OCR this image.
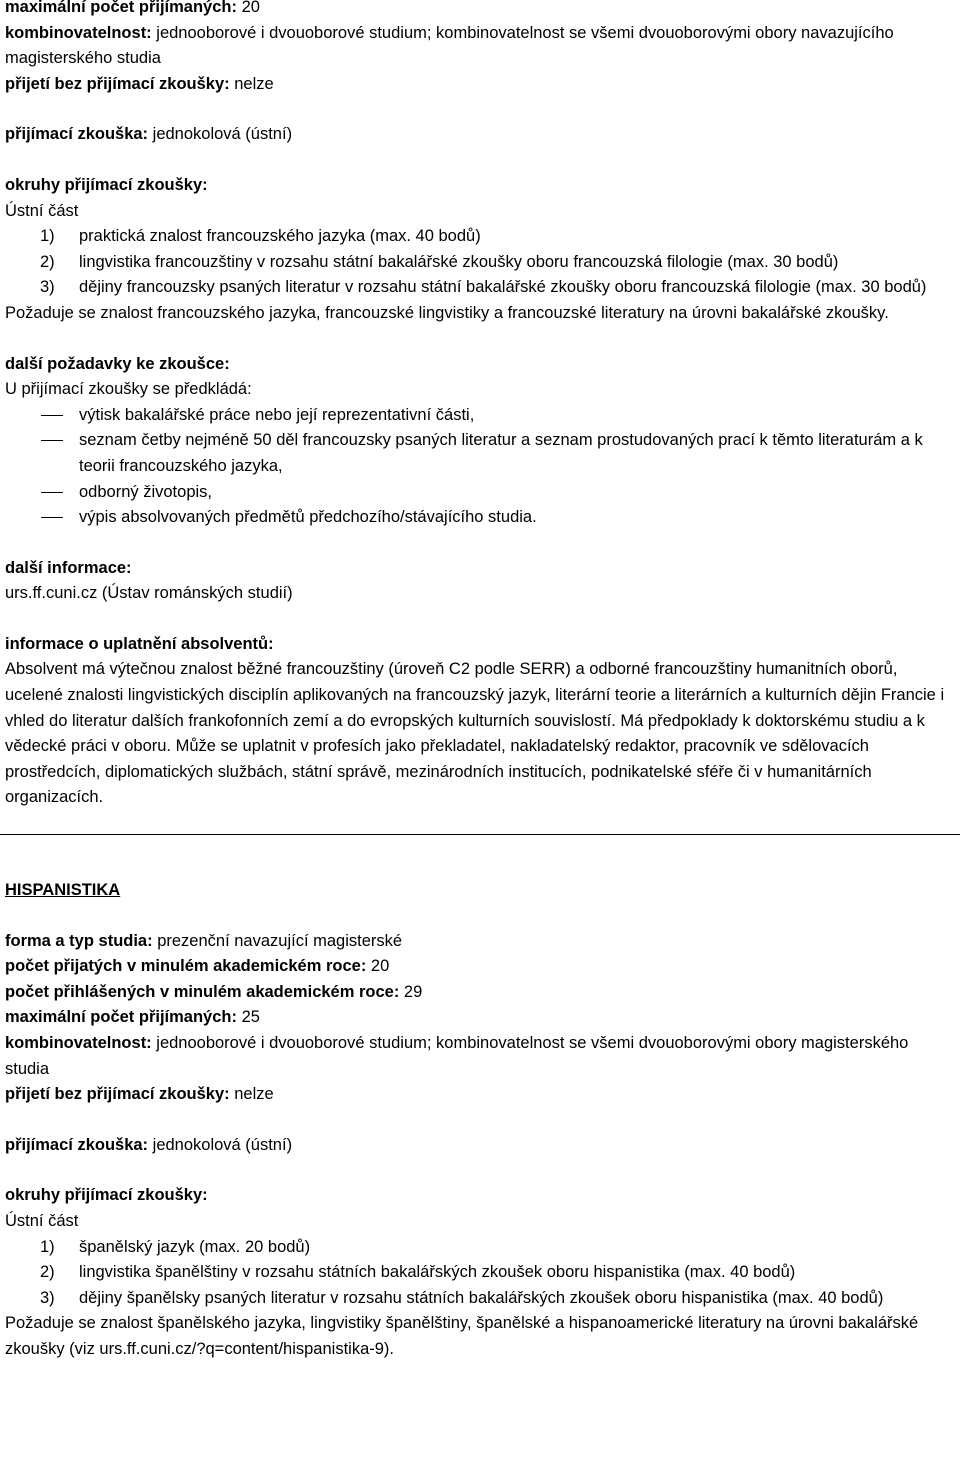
maximální počet přijímaných: 20

kombinovatelnost: jednooborové i dvouoborové studium; kombinovatelnost se všemi dvouoborovými obory navazujícího magisterského studia

přijetí bez přijímací zkoušky: nelze

přijímací zkouška: jednokolová (ústní)

okruhy přijímací zkoušky:

Ústní část

1) praktická znalost francouzského jazyka (max. 40 bodů)
2) lingvistika francouzštiny v rozsahu státní bakalářské zkoušky oboru francouzská filologie (max. 30 bodů)
3) dějiny francouzsky psaných literatur v rozsahu státní bakalářské zkoušky oboru francouzská filologie (max. 30 bodů)

Požaduje se znalost francouzského jazyka, francouzské lingvistiky a francouzské literatury na úrovni bakalářské zkoušky.

další požadavky ke zkoušce:

U přijímací zkoušky se předkládá:

výtisk bakalářské práce nebo její reprezentativní části,
seznam četby nejméně 50 děl francouzsky psaných literatur a seznam prostudovaných prací k těmto literaturám a k teorii francouzského jazyka,
odborný životopis,
výpis absolvovaných předmětů předchozího/stávajícího studia.

další informace:

urs.ff.cuni.cz (Ústav románských studií)

informace o uplatnění absolventů:

Absolvent má výtečnou znalost běžné francouzštiny (úroveň C2 podle SERR) a odborné francouzštiny humanitních oborů, ucelené znalosti lingvistických disciplín aplikovaných na francouzský jazyk, literární teorie a literárních a kulturních dějin Francie i vhled do literatur dalších frankofonních zemí a do evropských kulturních souvislostí. Má předpoklady k doktorskému studiu a k vědecké práci v oboru. Může se uplatnit v profesích jako překladatel, nakladatelský redaktor, pracovník ve sdělovacích prostředcích, diplomatických službách, státní správě, mezinárodních institucích, podnikatelské sféře či v humanitárních organizacích.

HISPANISTIKA

forma a typ studia: prezenční navazující magisterské

počet přijatých v minulém akademickém roce: 20

počet přihlášených v minulém akademickém roce: 29

maximální počet přijímaných: 25

kombinovatelnost: jednooborové i dvouoborové studium; kombinovatelnost se všemi dvouoborovými obory magisterského studia

přijetí bez přijímací zkoušky: nelze

přijímací zkouška: jednokolová (ústní)

okruhy přijímací zkoušky:

Ústní část

1) španělský jazyk (max. 20 bodů)
2) lingvistika španělštiny v rozsahu státních bakalářských zkoušek oboru hispanistika (max. 40 bodů)
3) dějiny španělsky psaných literatur v rozsahu státních bakalářských zkoušek oboru hispanistika (max. 40 bodů)

Požaduje se znalost španělského jazyka, lingvistiky španělštiny, španělské a hispanoamerické literatury na úrovni bakalářské zkoušky (viz urs.ff.cuni.cz/?q=content/hispanistika-9).
